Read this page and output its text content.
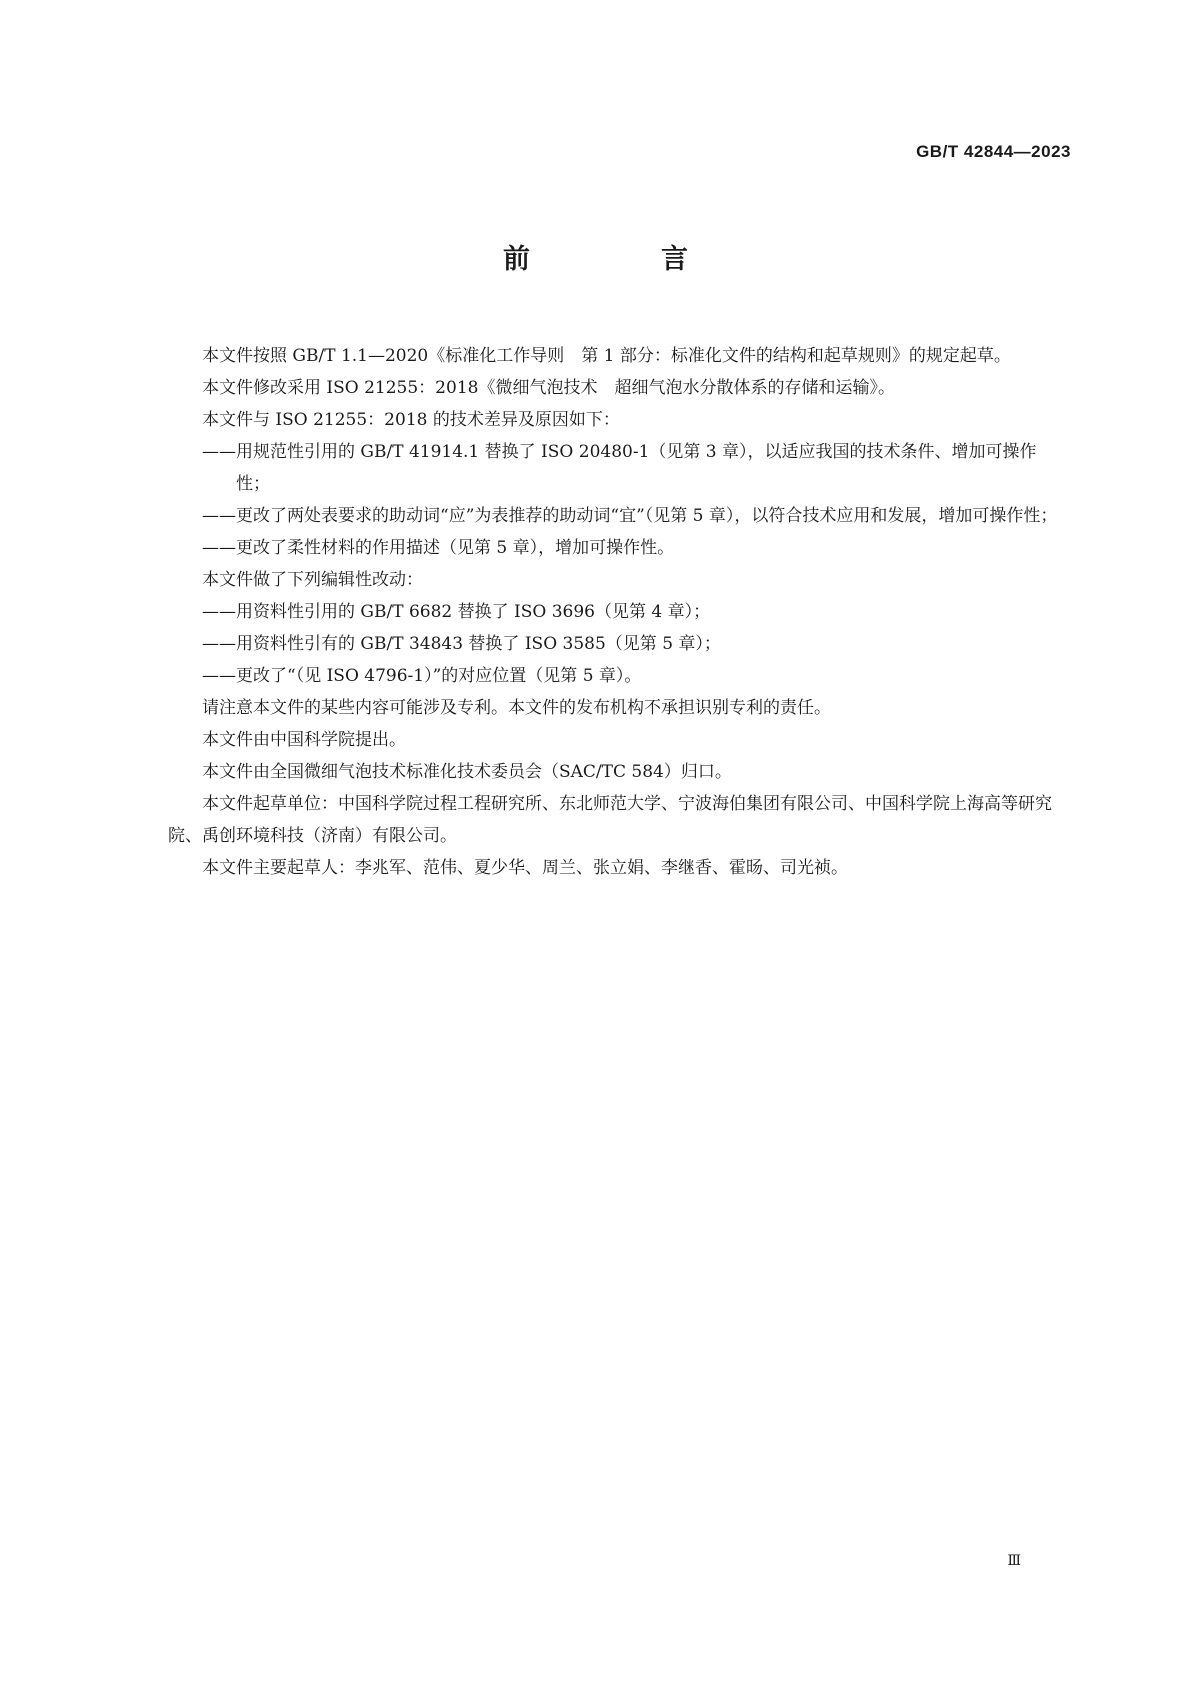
GB/T 42844—2023
前　言

本文件按照 GB/T 1.1—2020《标准化工作导则　第 1 部分：标准化文件的结构和起草规则》的规定起草。

本文件修改采用 ISO 21255：2018《微细气泡技术　超细气泡水分散体系的存储和运输》。

本文件与 ISO 21255：2018 的技术差异及原因如下：

——用规范性引用的 GB/T 41914.1 替换了 ISO 20480-1（见第 3 章），以适应我国的技术条件、增加可操作性；

——更改了两处表要求的助动词“应”为表推荐的助动词“宜”（见第 5 章），以符合技术应用和发展，增加可操作性；

——更改了柔性材料的作用描述（见第 5 章），增加可操作性。

本文件做了下列编辑性改动：

——用资料性引用的 GB/T 6682 替换了 ISO 3696（见第 4 章）；

——用资料性引有的 GB/T 34843 替换了 ISO 3585（见第 5 章）；

——更改了“（见 ISO 4796-1）”的对应位置（见第 5 章）。

请注意本文件的某些内容可能涉及专利。本文件的发布机构不承担识别专利的责任。

本文件由中国科学院提出。

本文件由全国微细气泡技术标准化技术委员会（SAC/TC 584）归口。

本文件起草单位：中国科学院过程工程研究所、东北师范大学、宁波海伯集团有限公司、中国科学院上海高等研究院、禹创环境科技（济南）有限公司。

本文件主要起草人：李兆军、范伟、夏少华、周兰、张立娟、李继香、霍旸、司光祯。

Ⅲ
